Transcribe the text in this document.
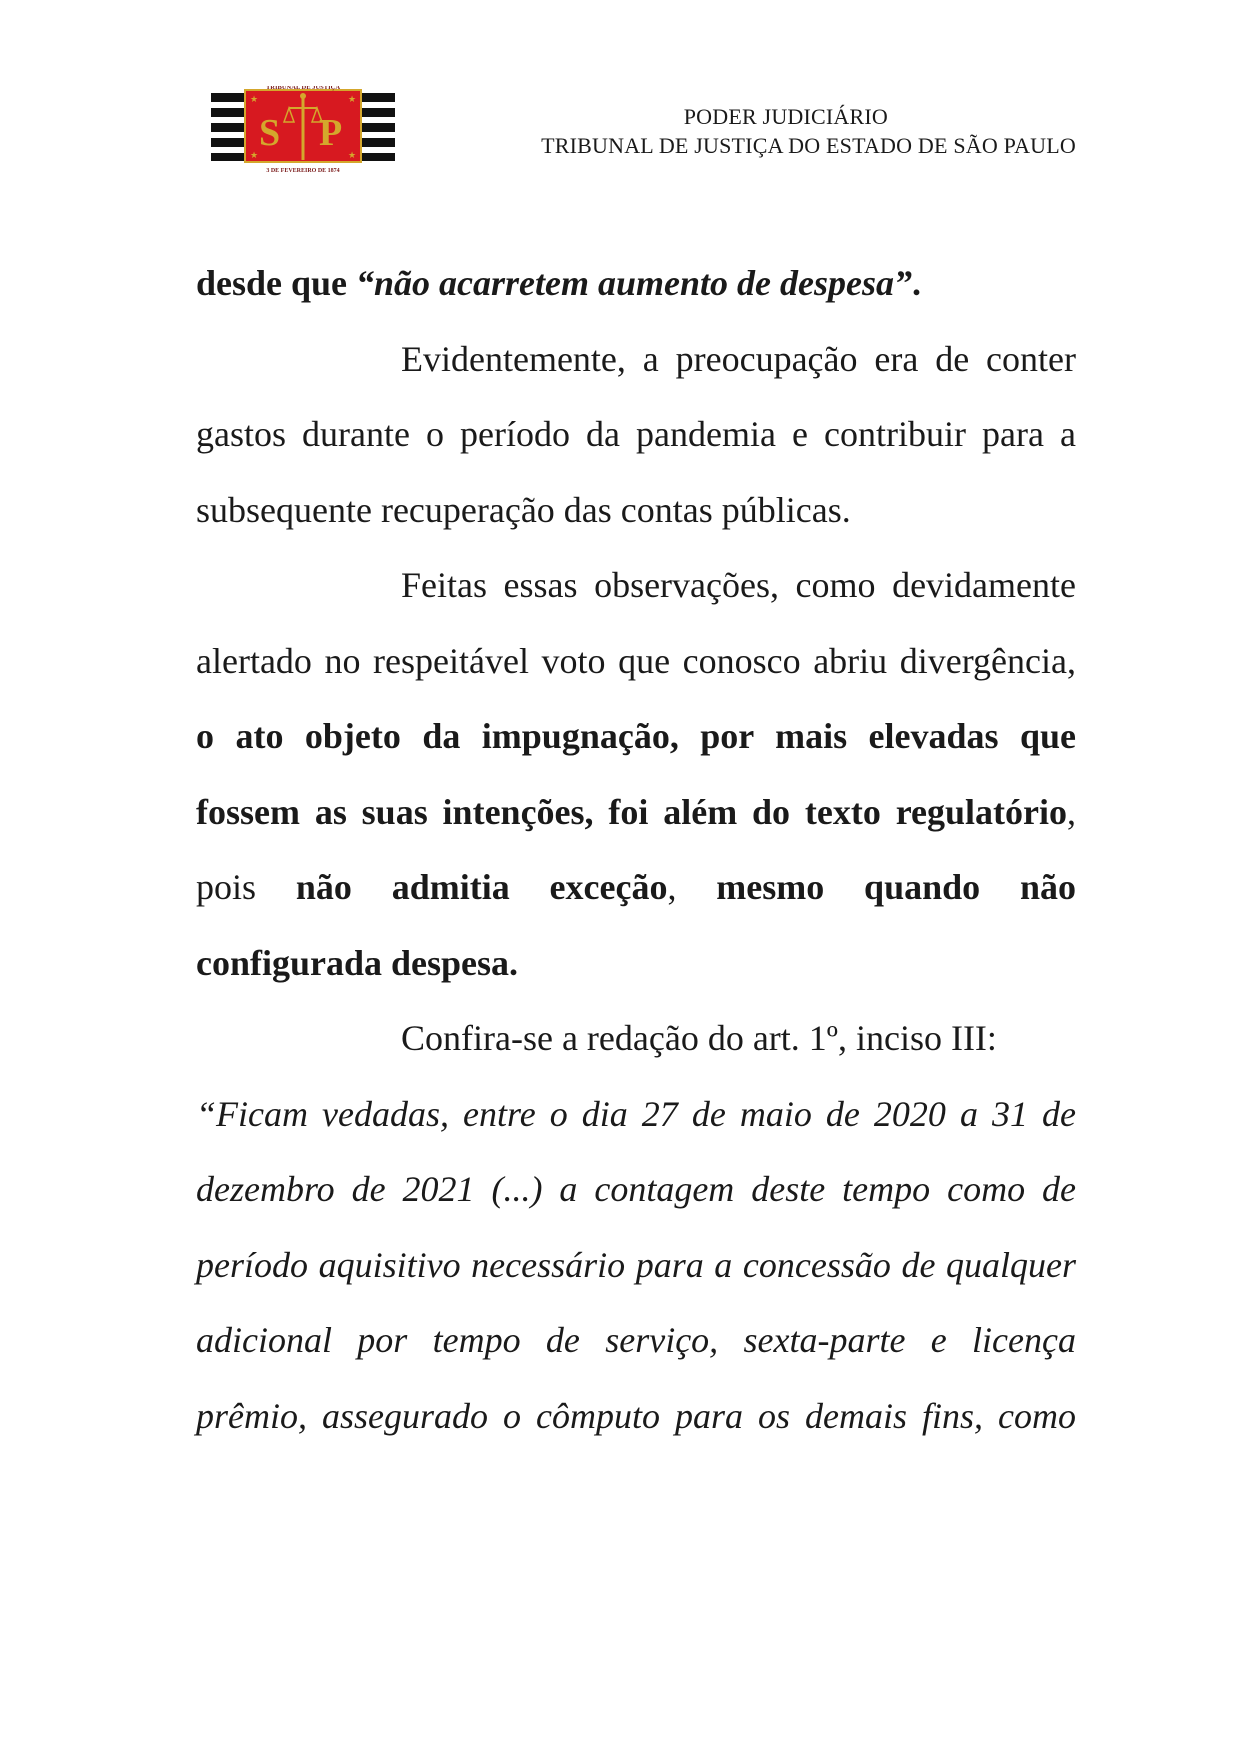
★	★
★	★
S P
TRIBUNAL DE JUSTIÇA
3 DE FEVEREIRO DE 1874
PODER JUDICIÁRIO
TRIBUNAL DE JUSTIÇA DO ESTADO DE SÃO PAULO

desde que “não acarretem aumento de despesa”.

Evidentemente, a preocupação era de conter gastos durante o período da pandemia e contribuir para a subsequente recuperação das contas públicas.

Feitas essas observações, como devidamente alertado no respeitável voto que conosco abriu divergência, o ato objeto da impugnação, por mais elevadas que fossem as suas intenções, foi além do texto regulatório, pois não admitia exceção, mesmo quando não configurada despesa.

Confira-se a redação do art. 1º, inciso III:

“Ficam vedadas, entre o dia 27 de maio de 2020 a 31 de dezembro de 2021 (...) a contagem deste tempo como de período aquisitivo necessário para a concessão de qualquer adicional por tempo de serviço, sexta-parte e licença prêmio, assegurado o cômputo para os demais fins, como
